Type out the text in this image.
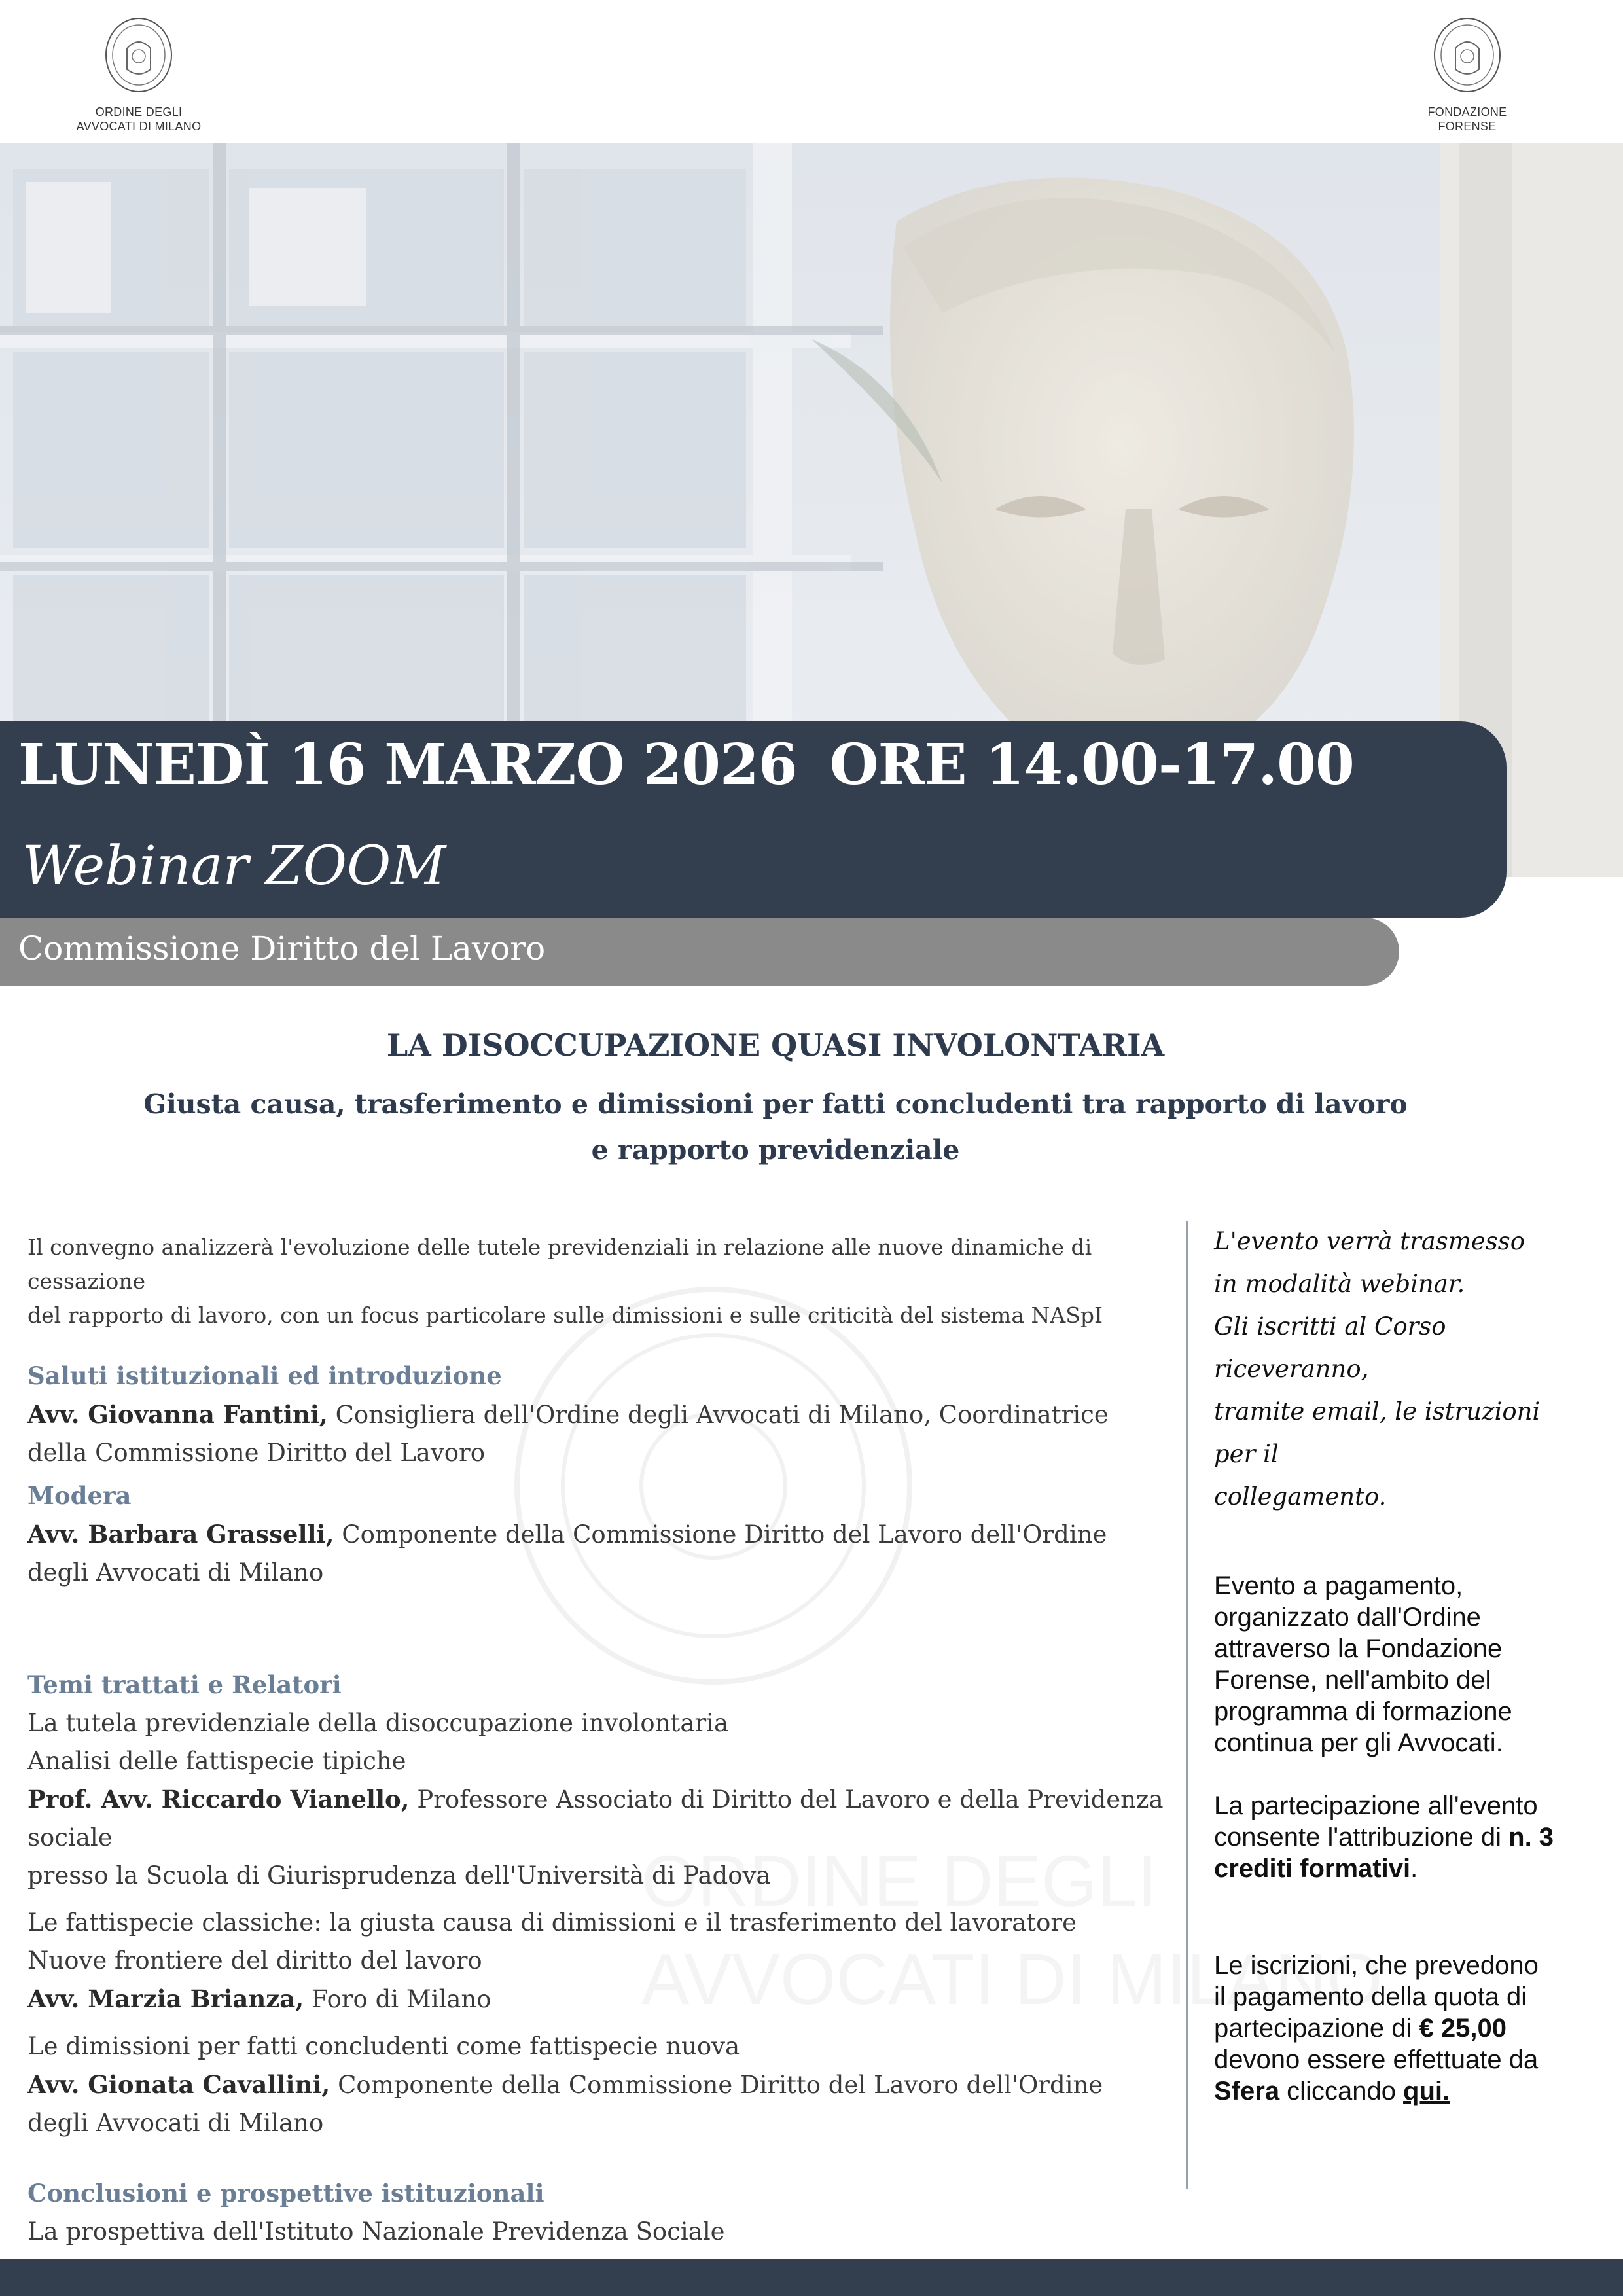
ORDINE DEGLI
AVVOCATI DI MILANO
FONDAZIONE
FORENSE
LUNEDÌ 16 MARZO 2026 ORE 14.00-17.00
Webinar ZOOM
Commissione Diritto del Lavoro
LA DISOCCUPAZIONE QUASI INVOLONTARIA
Giusta causa, trasferimento e dimissioni per fatti concludenti tra rapporto di lavoro
e rapporto previdenziale
Il convegno analizzerà l'evoluzione delle tutele previdenziali in relazione alle nuove dinamiche di cessazione
del rapporto di lavoro, con un focus particolare sulle dimissioni e sulle criticità del sistema NASpI
Saluti istituzionali ed introduzione
Avv. Giovanna Fantini, Consigliera dell'Ordine degli Avvocati di Milano, Coordinatrice
della Commissione Diritto del Lavoro
Modera
Avv. Barbara Grasselli, Componente della Commissione Diritto del Lavoro dell'Ordine
degli Avvocati di Milano
Temi trattati e Relatori
La tutela previdenziale della disoccupazione involontaria
Analisi delle fattispecie tipiche
Prof. Avv. Riccardo Vianello, Professore Associato di Diritto del Lavoro e della Previdenza sociale
presso la Scuola di Giurisprudenza dell'Università di Padova
Le fattispecie classiche: la giusta causa di dimissioni e il trasferimento del lavoratore
Nuove frontiere del diritto del lavoro
Avv. Marzia Brianza, Foro di Milano
Le dimissioni per fatti concludenti come fattispecie nuova
Avv. Gionata Cavallini, Componente della Commissione Diritto del Lavoro dell'Ordine
degli Avvocati di Milano
Conclusioni e prospettive istituzionali
La prospettiva dell'Istituto Nazionale Previdenza Sociale
L'evento verrà trasmesso
in modalità webinar.
Gli iscritti al Corso riceveranno,
tramite email, le istruzioni per il
collegamento.
Evento a pagamento,
organizzato dall'Ordine
attraverso la Fondazione
Forense, nell'ambito del
programma di formazione
continua per gli Avvocati.
La partecipazione all'evento
consente l'attribuzione di n. 3
crediti formativi.
Le iscrizioni, che prevedono
il pagamento della quota di
partecipazione di € 25,00
devono essere effettuate da
Sfera cliccando qui.
